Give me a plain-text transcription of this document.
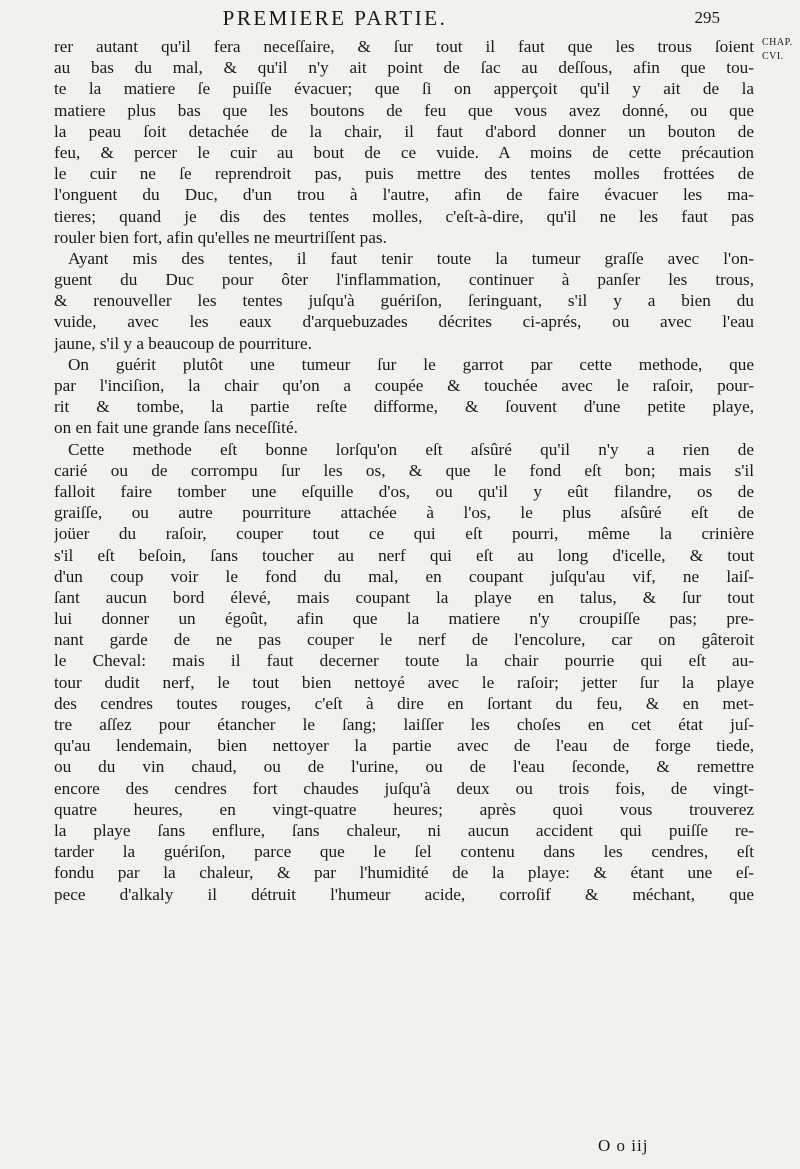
PREMIERE PARTIE.	295
CHAP.
CVI.
rer autant qu'il fera neceſſaire, & ſur tout il faut que les trous ſoient
au bas du mal, & qu'il n'y ait point de ſac au deſſous, afin que tou-
te la matiere ſe puiſſe évacuer; que ſi on apperçoit qu'il y ait de la
matiere plus bas que les boutons de feu que vous avez donné, ou que
la peau ſoit detachée de la chair, il faut d'abord donner un bouton de
feu, & percer le cuir au bout de ce vuide. A moins de cette précaution
le cuir ne ſe reprendroit pas, puis mettre des tentes molles frottées de
l'onguent du Duc, d'un trou à l'autre, afin de faire évacuer les ma-
tieres; quand je dis des tentes molles, c'eſt-à-dire, qu'il ne les faut pas
rouler bien fort, afin qu'elles ne meurtriſſent pas.
Ayant mis des tentes, il faut tenir toute la tumeur graſſe avec l'on-
guent du Duc pour ôter l'inflammation, continuer à panſer les trous,
& renouveller les tentes juſqu'à guériſon, ſeringuant, s'il y a bien du
vuide, avec les eaux d'arquebuzades décrites ci-aprés, ou avec l'eau
jaune, s'il y a beaucoup de pourriture.
On guérit plutôt une tumeur ſur le garrot par cette methode, que
par l'inciſion, la chair qu'on a coupée & touchée avec le raſoir, pour-
rit & tombe, la partie reſte difforme, & ſouvent d'une petite playe,
on en fait une grande ſans neceſſité.
Cette methode eſt bonne lorſqu'on eſt aſsûré qu'il n'y a rien de
carié ou de corrompu ſur les os, & que le fond eſt bon; mais s'il
falloit faire tomber une eſquille d'os, ou qu'il y eût filandre, os de
graiſſe, ou autre pourriture attachée à l'os, le plus aſsûré eſt de
joüer du raſoir, couper tout ce qui eſt pourri, même la crinière
s'il eſt beſoin, ſans toucher au nerf qui eſt au long d'icelle, & tout
d'un coup voir le fond du mal, en coupant juſqu'au vif, ne laiſ-
ſant aucun bord élevé, mais coupant la playe en talus, & ſur tout
lui donner un égoût, afin que la matiere n'y croupiſſe pas; pre-
nant garde de ne pas couper le nerf de l'encolure, car on gâteroit
le Cheval: mais il faut decerner toute la chair pourrie qui eſt au-
tour dudit nerf, le tout bien nettoyé avec le raſoir; jetter ſur la playe
des cendres toutes rouges, c'eſt à dire en ſortant du feu, & en met-
tre aſſez pour étancher le ſang; laiſſer les choſes en cet état juſ-
qu'au lendemain, bien nettoyer la partie avec de l'eau de forge tiede,
ou du vin chaud, ou de l'urine, ou de l'eau ſeconde, & remettre
encore des cendres fort chaudes juſqu'à deux ou trois fois, de vingt-
quatre heures, en vingt-quatre heures; après quoi vous trouverez
la playe ſans enflure, ſans chaleur, ni aucun accident qui puiſſe re-
tarder la guériſon, parce que le ſel contenu dans les cendres, eſt
fondu par la chaleur, & par l'humidité de la playe: & étant une eſ-
pece d'alkaly il détruit l'humeur acide, corroſif & méchant, que
O o iij
